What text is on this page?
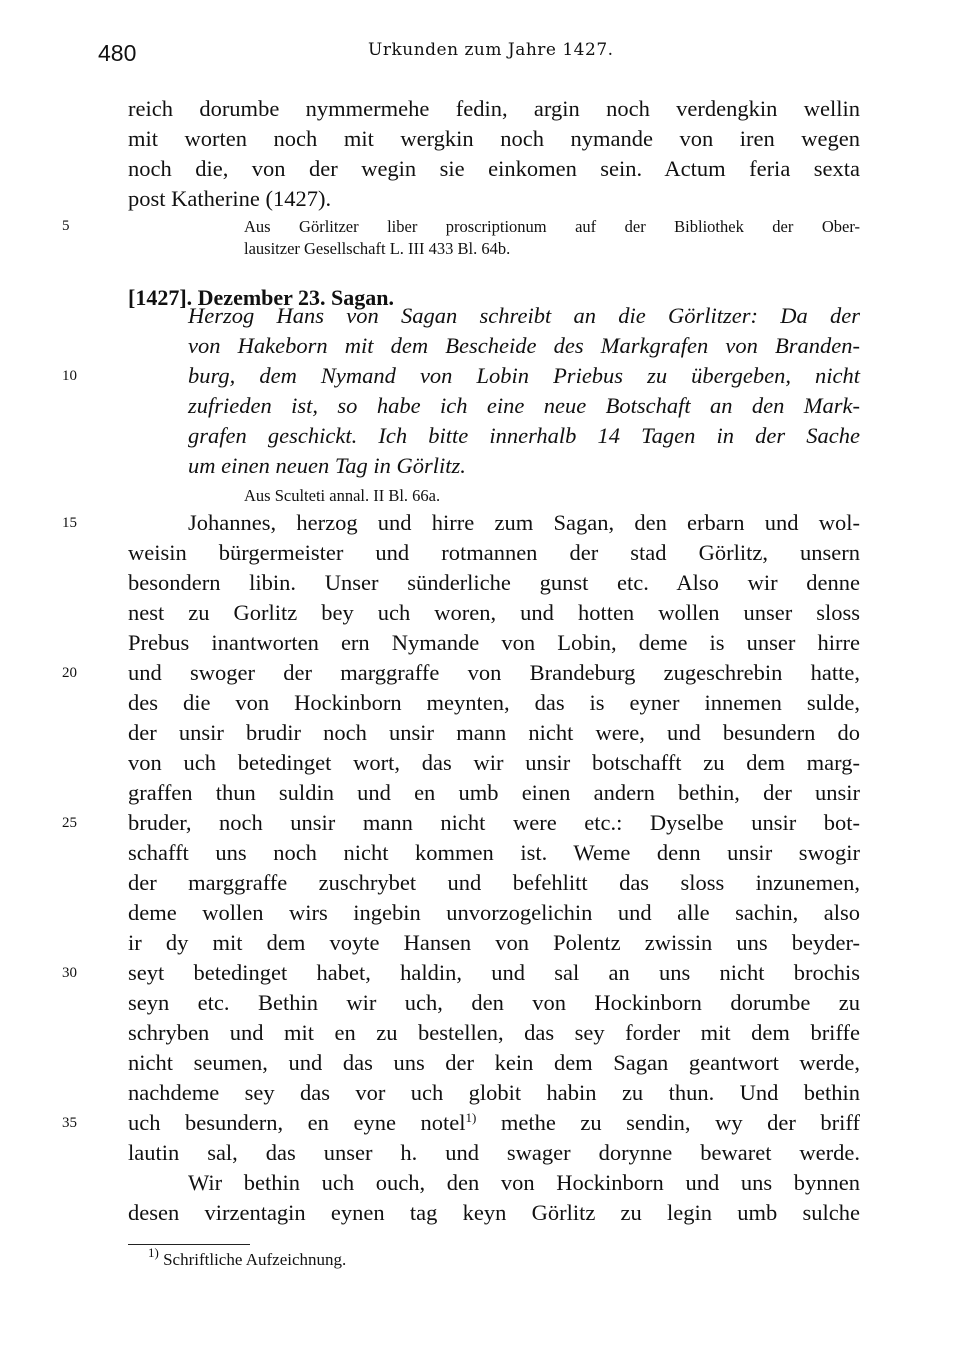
480	Urkunden zum Jahre 1427.
reich dorumbe nymmermehe fedin, argin noch verdengkin wellin
mit worten noch mit wergkin noch nymande von iren wegen
noch die, von der wegin sie einkomen sein. Actum feria sexta
post Katherine (1427).
Aus Görlitzer liber proscriptionum auf der Bibliothek der Ober-
lausitzer Gesellschaft L. III 433 Bl. 64b.
[1427]. Dezember 23. Sagan.
Herzog Hans von Sagan schreibt an die Görlitzer: Da der
von Hakeborn mit dem Bescheide des Markgrafen von Branden-
burg, dem Nymand von Lobin Priebus zu übergeben, nicht
zufrieden ist, so habe ich eine neue Botschaft an den Mark-
grafen geschickt. Ich bitte innerhalb 14 Tagen in der Sache
um einen neuen Tag in Görlitz.
Aus Sculteti annal. II Bl. 66a.
Johannes, herzog und hirre zum Sagan, den erbarn und wol-
weisin bürgermeister und rotmannen der stad Görlitz, unsern
besondern libin. Unser sünderliche gunst etc. Also wir denne
nest zu Gorlitz bey uch woren, und hotten wollen unser sloss
Prebus inantworten ern Nymande von Lobin, deme is unser hirre
und swoger der marggraffe von Brandeburg zugeschrebin hatte,
des die von Hockinborn meynten, das is eyner innemen sulde,
der unsir brudir noch unsir mann nicht were, und besundern do
von uch betedinget wort, das wir unsir botschafft zu dem marg-
graffen thun suldin und en umb einen andern bethin, der unsir
bruder, noch unsir mann nicht were etc.: Dyselbe unsir bot-
schafft uns noch nicht kommen ist. Weme denn unsir swogir
der marggraffe zuschrybet und befehlitt das sloss inzunemen,
deme wollen wirs ingebin unvorzogelichin und alle sachin, also
ir dy mit dem voyte Hansen von Polentz zwissin uns beyder-
seyt betedinget habet, haldin, und sal an uns nicht brochis
seyn etc. Bethin wir uch, den von Hockinborn dorumbe zu
schryben und mit en zu bestellen, das sey forder mit dem briffe
nicht seumen, und das uns der kein dem Sagan geantwort werde,
nachdeme sey das vor uch globit habin zu thun. Und bethin
uch besundern, en eyne notel$^{1)}$ methe zu sendin, wy der briff
lautin sal, das unser h. und swager dorynne bewaret werde.
Wir bethin uch ouch, den von Hockinborn und uns bynnen
desen virzentagin eynen tag keyn Görlitz zu legin umb sulche
5
10
15
20
25
30
35
$^{1)}$ Schriftliche Aufzeichnung.
